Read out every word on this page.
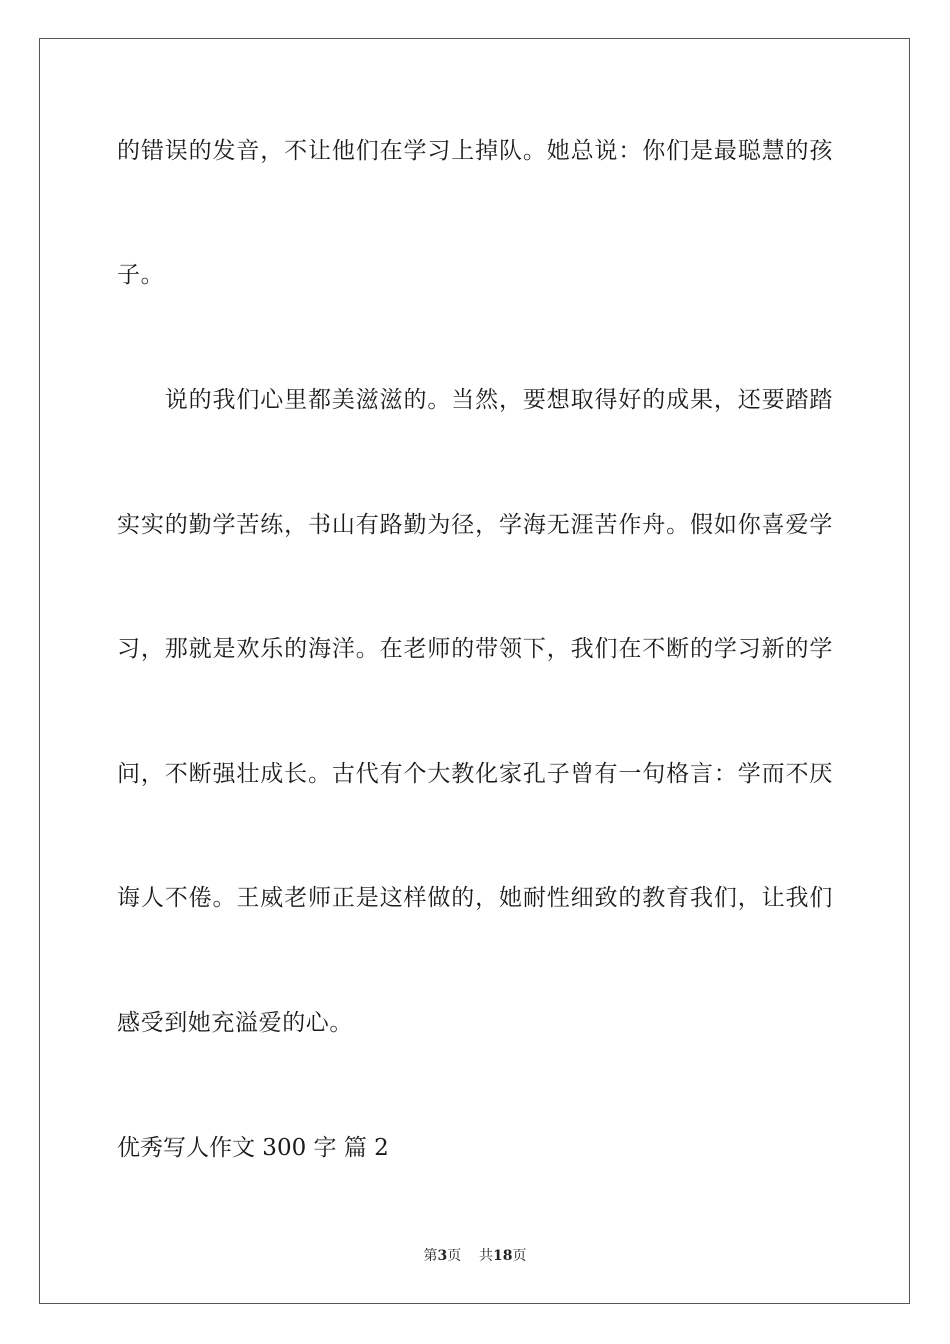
的错误的发音，不让他们在学习上掉队。她总说：你们是最聪慧的孩
子。
　　说的我们心里都美滋滋的。当然，要想取得好的成果，还要踏踏
实实的勤学苦练，书山有路勤为径，学海无涯苦作舟。假如你喜爱学
习，那就是欢乐的海洋。在老师的带领下，我们在不断的学习新的学
问，不断强壮成长。古代有个大教化家孔子曾有一句格言：学而不厌
诲人不倦。王威老师正是这样做的，她耐性细致的教育我们，让我们
感受到她充溢爱的心。
优秀写人作文 300 字 篇 2
第3页 共18页
